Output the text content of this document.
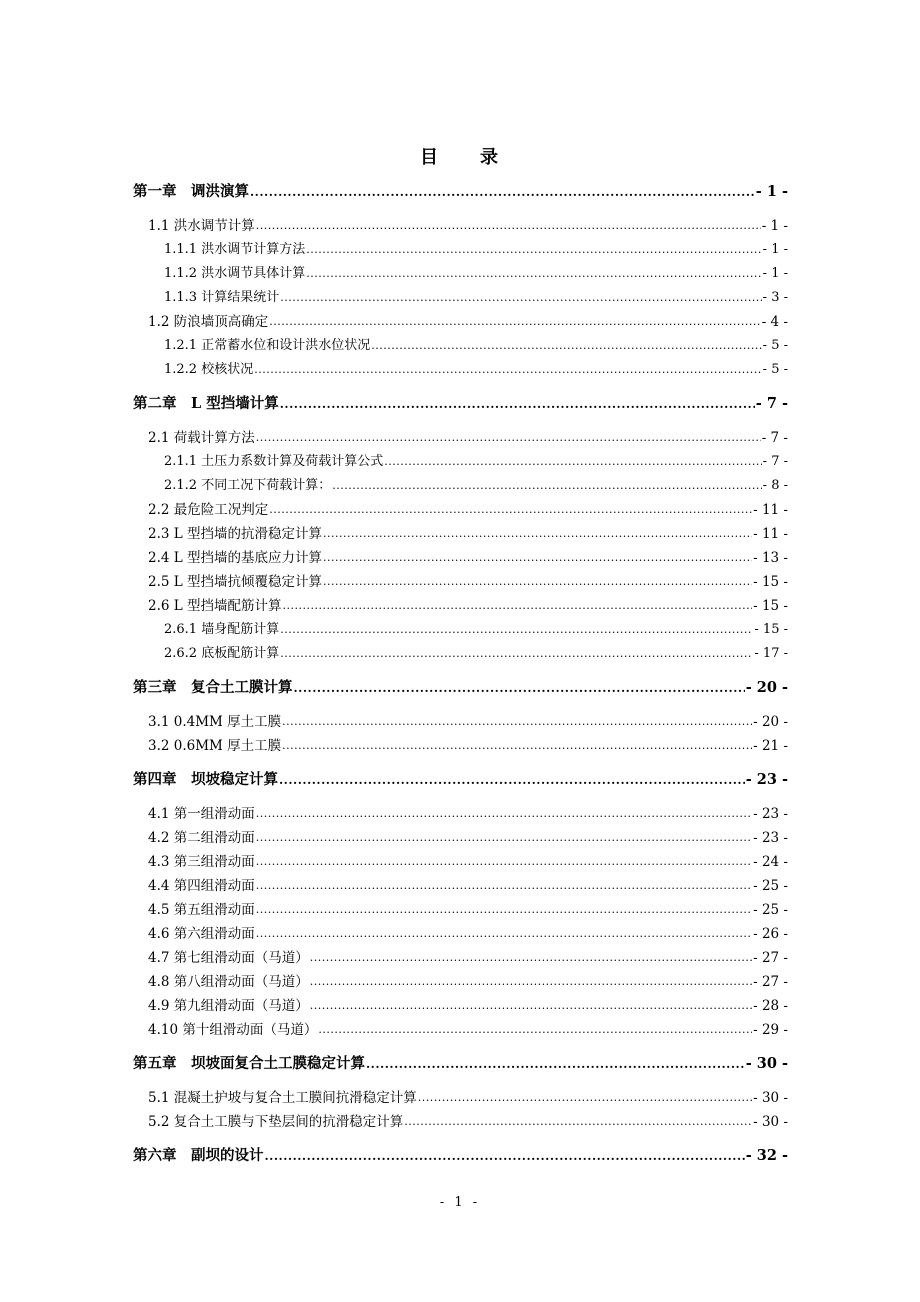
目　　录
第一章　调洪演算 .....	- 1 -
1.1 洪水调节计算 .....	- 1 -
1.1.1 洪水调节计算方法 .....	- 1 -
1.1.2 洪水调节具体计算 .....	- 1 -
1.1.3 计算结果统计 .....	- 3 -
1.2 防浪墙顶高确定 .....	- 4 -
1.2.1 正常蓄水位和设计洪水位状况 .....	- 5 -
1.2.2 校核状况 .....	- 5 -
第二章　L 型挡墙计算 .....	- 7 -
2.1 荷载计算方法 .....	- 7 -
2.1.1 土压力系数计算及荷载计算公式 .....	- 7 -
2.1.2 不同工况下荷载计算： .....	- 8 -
2.2 最危险工况判定 .....	- 11 -
2.3 L 型挡墙的抗滑稳定计算 .....	- 11 -
2.4 L 型挡墙的基底应力计算 .....	- 13 -
2.5 L 型挡墙抗倾覆稳定计算 .....	- 15 -
2.6 L 型挡墙配筋计算 .....	- 15 -
2.6.1 墙身配筋计算 .....	- 15 -
2.6.2 底板配筋计算 .....	- 17 -
第三章　复合土工膜计算 .....	- 20 -
3.1 0.4MM 厚土工膜 .....	- 20 -
3.2 0.6MM 厚土工膜 .....	- 21 -
第四章　坝坡稳定计算 .....	- 23 -
4.1 第一组滑动面 .....	- 23 -
4.2 第二组滑动面 .....	- 23 -
4.3 第三组滑动面 .....	- 24 -
4.4 第四组滑动面 .....	- 25 -
4.5 第五组滑动面 .....	- 25 -
4.6 第六组滑动面 .....	- 26 -
4.7 第七组滑动面（马道） .....	- 27 -
4.8 第八组滑动面（马道） .....	- 27 -
4.9 第九组滑动面（马道） .....	- 28 -
4.10 第十组滑动面（马道） .....	- 29 -
第五章　坝坡面复合土工膜稳定计算 .....	- 30 -
5.1 混凝土护坡与复合土工膜间抗滑稳定计算 .....	- 30 -
5.2 复合土工膜与下垫层间的抗滑稳定计算 .....	- 30 -
第六章　副坝的设计 .....	- 32 -
- 1 -
